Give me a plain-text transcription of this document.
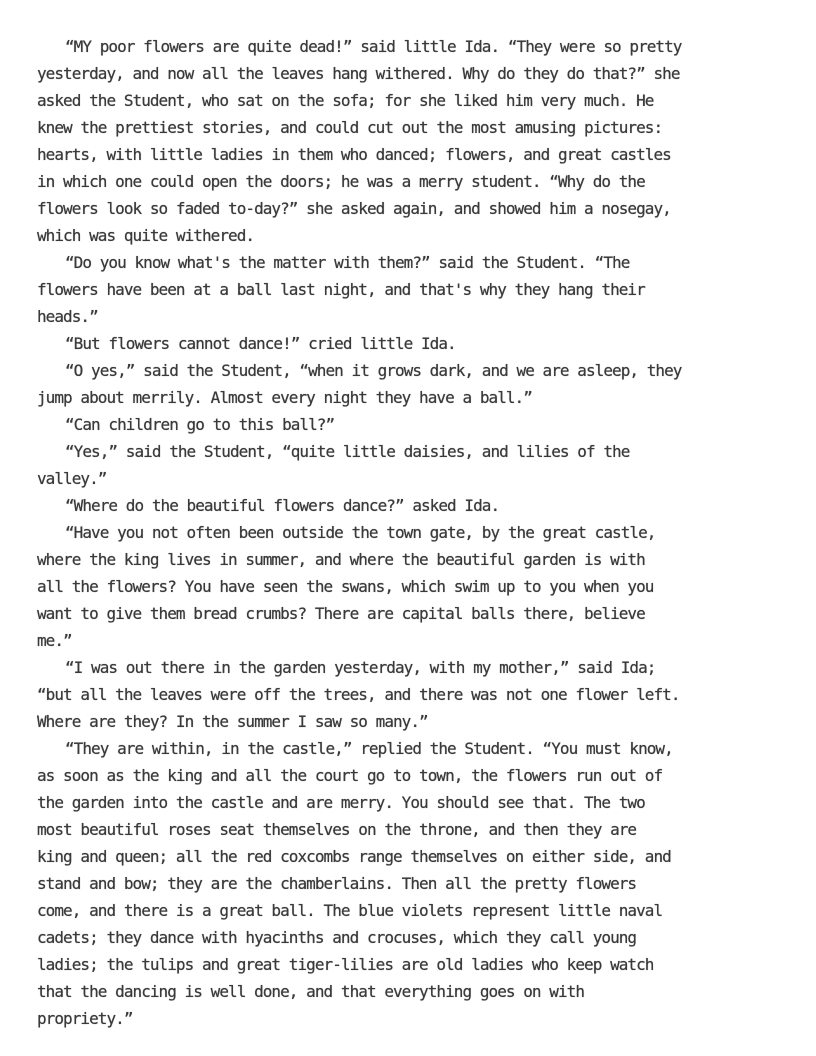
“MY poor flowers are quite dead!” said little Ida. “They were so pretty
yesterday, and now all the leaves hang withered. Why do they do that?” she
asked the Student, who sat on the sofa; for she liked him very much. He
knew the prettiest stories, and could cut out the most amusing pictures:
hearts, with little ladies in them who danced; flowers, and great castles
in which one could open the doors; he was a merry student. “Why do the
flowers look so faded to-day?” she asked again, and showed him a nosegay,
which was quite withered.
“Do you know what's the matter with them?” said the Student. “The
flowers have been at a ball last night, and that's why they hang their
heads.”
“But flowers cannot dance!” cried little Ida.
“O yes,” said the Student, “when it grows dark, and we are asleep, they
jump about merrily. Almost every night they have a ball.”
“Can children go to this ball?”
“Yes,” said the Student, “quite little daisies, and lilies of the
valley.”
“Where do the beautiful flowers dance?” asked Ida.
“Have you not often been outside the town gate, by the great castle,
where the king lives in summer, and where the beautiful garden is with
all the flowers? You have seen the swans, which swim up to you when you
want to give them bread crumbs? There are capital balls there, believe
me.”
“I was out there in the garden yesterday, with my mother,” said Ida;
“but all the leaves were off the trees, and there was not one flower left.
Where are they? In the summer I saw so many.”
“They are within, in the castle,” replied the Student. “You must know,
as soon as the king and all the court go to town, the flowers run out of
the garden into the castle and are merry. You should see that. The two
most beautiful roses seat themselves on the throne, and then they are
king and queen; all the red coxcombs range themselves on either side, and
stand and bow; they are the chamberlains. Then all the pretty flowers
come, and there is a great ball. The blue violets represent little naval
cadets; they dance with hyacinths and crocuses, which they call young
ladies; the tulips and great tiger-lilies are old ladies who keep watch
that the dancing is well done, and that everything goes on with
propriety.”
